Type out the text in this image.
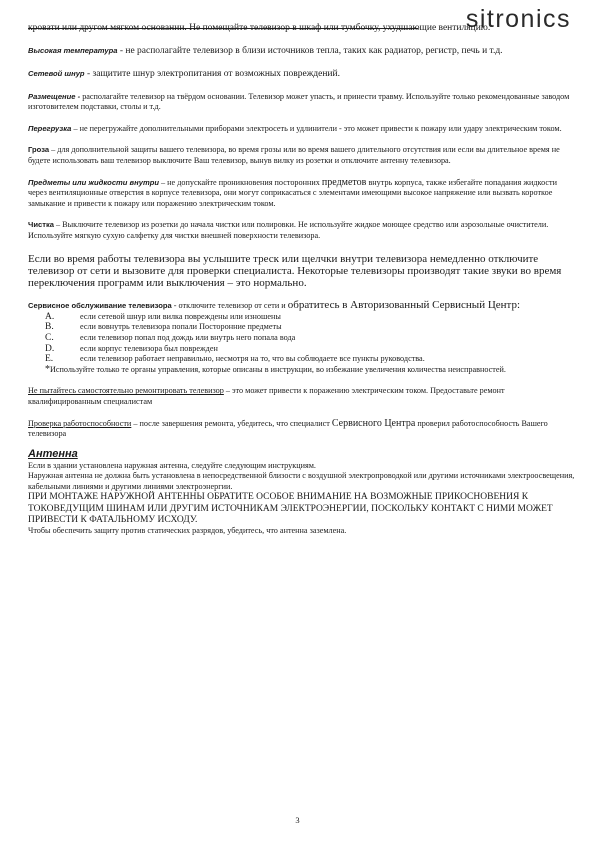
sitronics

кровати или другом мягком основании. Не помещайте телевизор в шкаф или тумбочку, ухудшающие вентиляцию.

Высокая температура - не располагайте телевизор в близи источников тепла, таких как радиатор, регистр, печь и т.д.

Сетевой шнур - защитите шнур электропитания от возможных повреждений.

Размещение - располагайте телевизор на твёрдом основании. Телевизор может упасть, и принести травму. Используйте только рекомендованные заводом изготовителем подставки, столы и т.д.

Перегрузка – не перегружайте дополнительными приборами электросеть и удлинители - это может привести к пожару или удару электрическим током.

Гроза – для дополнительной защиты вашего телевизора, во время грозы или во время вашего длительного отсутствия или если вы длительное время не будете использовать ваш телевизор выключите Ваш телевизор, вынув вилку из розетки и отключите антенну телевизора.

Предметы или жидкости внутри – не допускайте проникновения посторонних предметов внутрь корпуса, также избегайте попадания жидкости через вентиляционные отверстия в корпусе телевизора, они могут соприкасаться с элементами имеющими высокое напряжение или вызвать короткое замыкание и привести к пожару или поражению электрическим током.

Чистка – Выключите телевизор из розетки до начала чистки или полировки. Не используйте жидкое моющее средство или аэрозольные очистители. Используйте мягкую сухую салфетку для чистки внешней поверхности телевизора.

Если во время работы телевизора вы услышите треск или щелчки внутри телевизора немедленно отключите телевизор от сети и вызовите для проверки специалиста. Некоторые телевизоры производят такие звуки во время переключения программ или выключения – это нормально.

Сервисное обслуживание телевизора - отключите телевизор от сети и обратитесь в Авторизованный Сервисный Центр:

A.	если сетевой шнур или вилка повреждены или изношены
B.	если вовнутрь телевизора попали Посторонние предметы
C.	если телевизор попал под дождь или внутрь него попала вода
D.	если корпус телевизора был поврежден
E.	если телевизор работает неправильно, несмотря на то, что вы соблюдаете все пункты руководства.

*Используйте только те органы управления, которые описаны в инструкции, во избежание увеличения количества неисправностей.

Не пытайтесь самостоятельно ремонтировать телевизор – это может привести к поражению электрическим током. Предоставьте ремонт квалифицированным специалистам

Проверка работоспособности – после завершения ремонта, убедитесь, что специалист Сервисного Центра проверил работоспособность Вашего телевизора

Антенна

Если в здании установлена наружная антенна, следуйте следующим инструкциям.

Наружная антенна не должна быть установлена в непосредственной близости с воздушной электропроводкой или другими источниками электроосвещения, кабельными линиями и другими линиями электроэнергии.

ПРИ МОНТАЖЕ НАРУЖНОЙ АНТЕННЫ ОБРАТИТЕ ОСОБОЕ ВНИМАНИЕ НА ВОЗМОЖНЫЕ ПРИКОСНОВЕНИЯ К ТОКОВЕДУЩИМ ШИНАМ ИЛИ ДРУГИМ ИСТОЧНИКАМ ЭЛЕКТРОЭНЕРГИИ, ПОСКОЛЬКУ КОНТАКТ С НИМИ МОЖЕТ ПРИВЕСТИ К ФАТАЛЬНОМУ ИСХОДУ.

Чтобы обеспечить защиту против статических разрядов, убедитесь, что антенна заземлена.

3
